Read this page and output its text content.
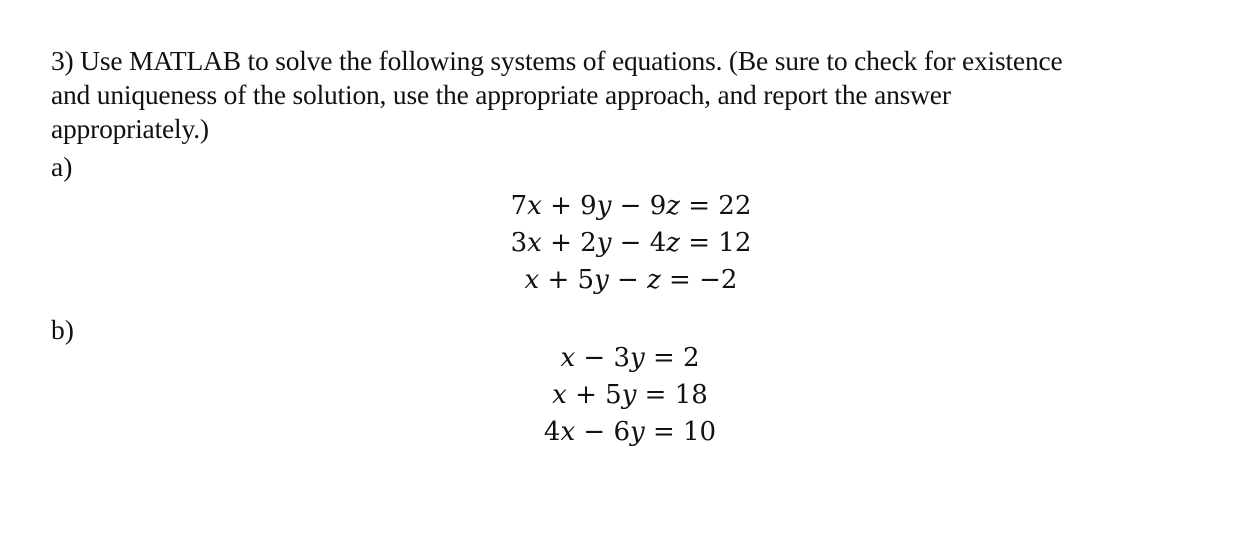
3) Use MATLAB to solve the following systems of equations. (Be sure to check for existence
and uniqueness of the solution, use the appropriate approach, and report the answer
appropriately.)
a)
7x + 9y − 9z = 22
3x + 2y − 4z = 12
x + 5y − z = −2
b)
x − 3y = 2
x + 5y = 18
4x − 6y = 10
